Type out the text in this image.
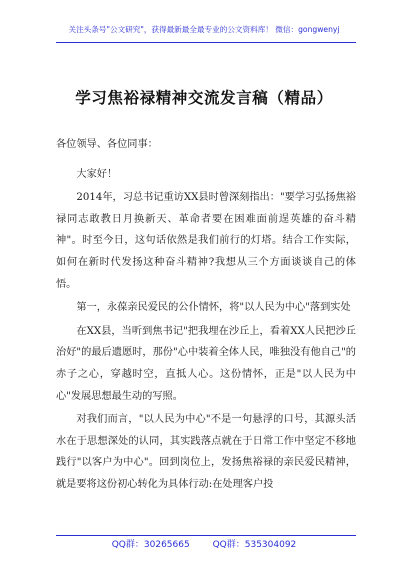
关注头条号"公文研究"，获得最新最全最专业的公文资料库！ 微信：gongwenyj
学习焦裕禄精神交流发言稿（精品）

各位领导、各位同事：

大家好！

2014年，习总书记重访XX县时曾深刻指出："要学习弘扬焦裕禄同志敢教日月换新天、革命者要在困难面前逞英雄的奋斗精神"。时至今日，这句话依然是我们前行的灯塔。结合工作实际，如何在新时代发扬这种奋斗精神?我想从三个方面谈谈自己的体悟。

第一，永葆亲民爱民的公仆情怀，将"以人民为中心"落到实处

在XX县，当听到焦书记"把我埋在沙丘上，看着XX人民把沙丘治好"的最后遗愿时，那份"心中装着全体人民，唯独没有他自己"的赤子之心，穿越时空，直抵人心。这份情怀，正是"以人民为中心"发展思想最生动的写照。

对我们而言，"以人民为中心"不是一句悬浮的口号，其源头活水在于思想深处的认同，其实践落点就在于日常工作中坚定不移地践行"以客户为中心"。回到岗位上，发扬焦裕禄的亲民爱民精神，就是要将这份初心转化为具体行动:在处理客户投

QQ群：30265665	QQ群：535304092
